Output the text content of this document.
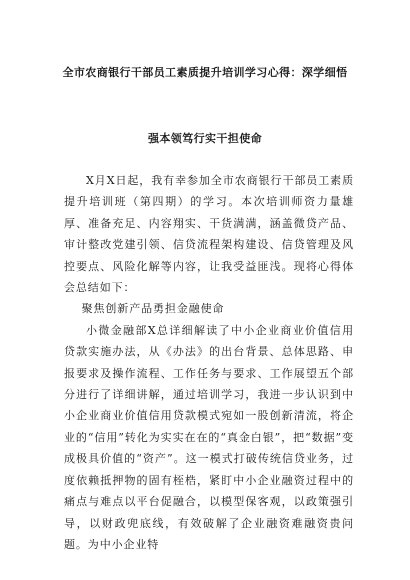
全市农商银行干部员工素质提升培训学习心得：深学细悟
强本领笃行实干担使命

X月X日起，我有幸参加全市农商银行干部员工素质提升培训班（第四期）的学习。本次培训师资力量雄厚、准备充足、内容翔实、干货满满，涵盖微贷产品、审计整改党建引领、信贷流程架构建设、信贷管理及风控要点、风险化解等内容，让我受益匪浅。现将心得体会总结如下：

聚焦创新产品勇担金融使命

小微金融部X总详细解读了中小企业商业价值信用贷款实施办法，从《办法》的出台背景、总体思路、申报要求及操作流程、工作任务与要求、工作展望五个部分进行了详细讲解，通过培训学习，我进一步认识到中小企业商业价值信用贷款模式宛如一股创新清流，将企业的“信用”转化为实实在在的“真金白银”，把“数据”变成极具价值的“资产”。这一模式打破传统信贷业务，过度依赖抵押物的固有桎梏，紧盯中小企业融资过程中的痛点与难点以平台促融合，以模型保客观，以政策强引导，以财政兜底线，有效破解了企业融资难融资贵问题。为中小企业特
